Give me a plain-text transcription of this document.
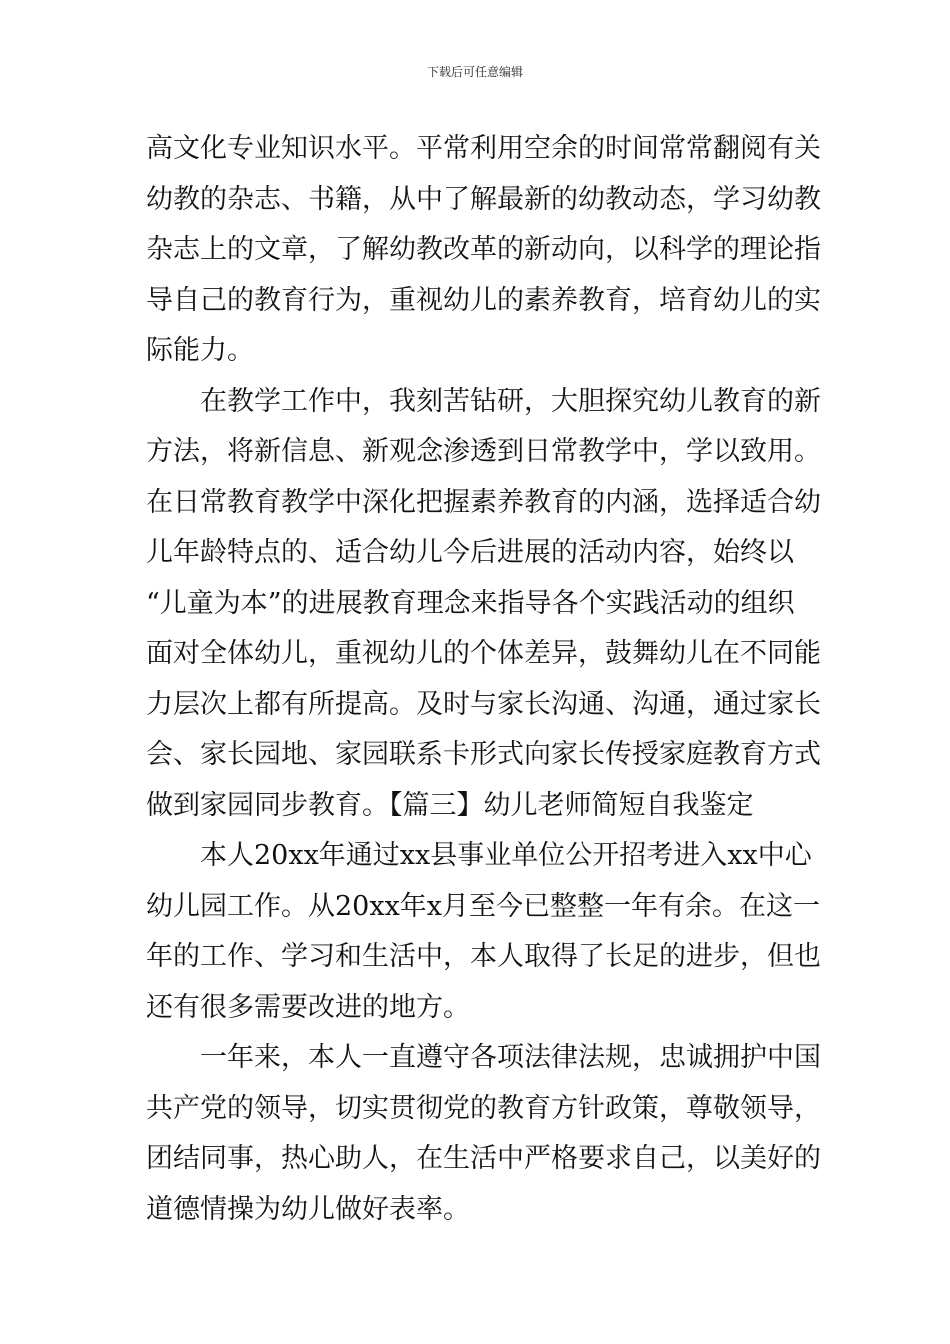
下载后可任意编辑
高文化专业知识水平。平常利用空余的时间常常翻阅有关
幼教的杂志、书籍，从中了解最新的幼教动态，学习幼教
杂志上的文章，了解幼教改革的新动向，以科学的理论指
导自己的教育行为，重视幼儿的素养教育，培育幼儿的实
际能力。
在教学工作中，我刻苦钻研，大胆探究幼儿教育的新
方法，将新信息、新观念渗透到日常教学中，学以致用。
在日常教育教学中深化把握素养教育的内涵，选择适合幼
儿年龄特点的、适合幼儿今后进展的活动内容，始终以
“儿童为本”的进展教育理念来指导各个实践活动的组织
面对全体幼儿，重视幼儿的个体差异，鼓舞幼儿在不同能
力层次上都有所提高。及时与家长沟通、沟通，通过家长
会、家长园地、家园联系卡形式向家长传授家庭教育方式
做到家园同步教育。【篇三】幼儿老师简短自我鉴定
本人20xx年通过xx县事业单位公开招考进入xx中心
幼儿园工作。从20xx年x月至今已整整一年有余。在这一
年的工作、学习和生活中，本人取得了长足的进步，但也
还有很多需要改进的地方。
一年来，本人一直遵守各项法律法规，忠诚拥护中国
共产党的领导，切实贯彻党的教育方针政策，尊敬领导，
团结同事，热心助人，在生活中严格要求自己，以美好的
道德情操为幼儿做好表率。
